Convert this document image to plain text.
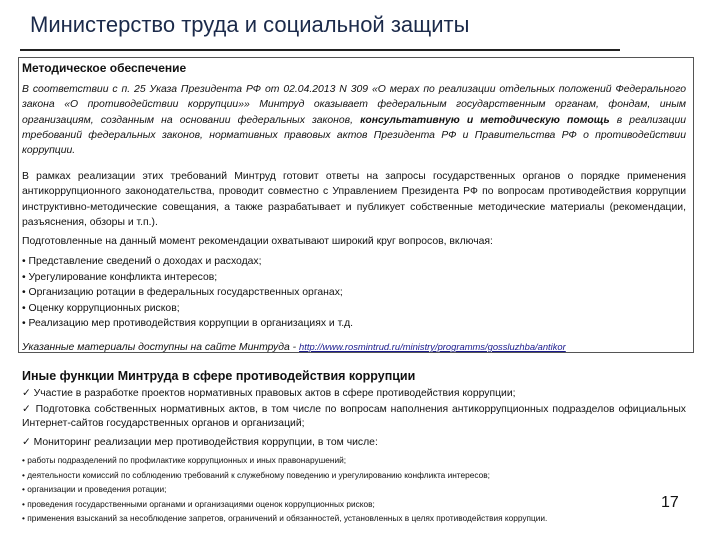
Министерство труда и социальной защиты
Методическое обеспечение
В соответствии с п. 25 Указа Президента РФ от 02.04.2013 N 309 «О мерах по реализации отдельных положений Федерального закона «О противодействии коррупции»» Минтруд оказывает федеральным государственным органам, фондам, иным организациям, созданным на основании федеральных законов, консультативную и методическую помощь в реализации требований федеральных законов, нормативных правовых актов Президента РФ и Правительства РФ о противодействии коррупции.
В рамках реализации этих требований Минтруд готовит ответы на запросы государственных органов о порядке применения антикоррупционного законодательства, проводит совместно с Управлением Президента РФ по вопросам противодействия коррупции инструктивно-методические совещания, а также разрабатывает и публикует собственные методические материалы (рекомендации, разъяснения, обзоры и т.п.).
Подготовленные на данный момент рекомендации охватывают широкий круг вопросов, включая:
• Представление сведений о доходах и расходах;
• Урегулирование конфликта интересов;
• Организацию ротации в федеральных государственных органах;
• Оценку коррупционных рисков;
• Реализацию мер противодействия коррупции в организациях и т.д.
Указанные материалы доступны на сайте Минтруда - http://www.rosmintrud.ru/ministry/programms/gossluzhba/antikor
Иные функции Минтруда в сфере противодействия коррупции
✓ Участие в разработке проектов нормативных правовых актов в сфере противодействия коррупции;
✓ Подготовка собственных нормативных актов, в том числе по вопросам наполнения антикоррупционных подразделов официальных Интернет-сайтов государственных органов и организаций;
✓ Мониторинг реализации мер противодействия коррупции, в том числе:
• работы подразделений по профилактике коррупционных и иных правонарушений;
• деятельности комиссий по соблюдению требований к служебному поведению и урегулированию конфликта интересов;
• организации и проведения ротации;
• проведения государственными органами и организациями оценок коррупционных рисков;
• применения взысканий за несоблюдение запретов, ограничений и обязанностей, установленных в целях противодействия коррупции.
17
